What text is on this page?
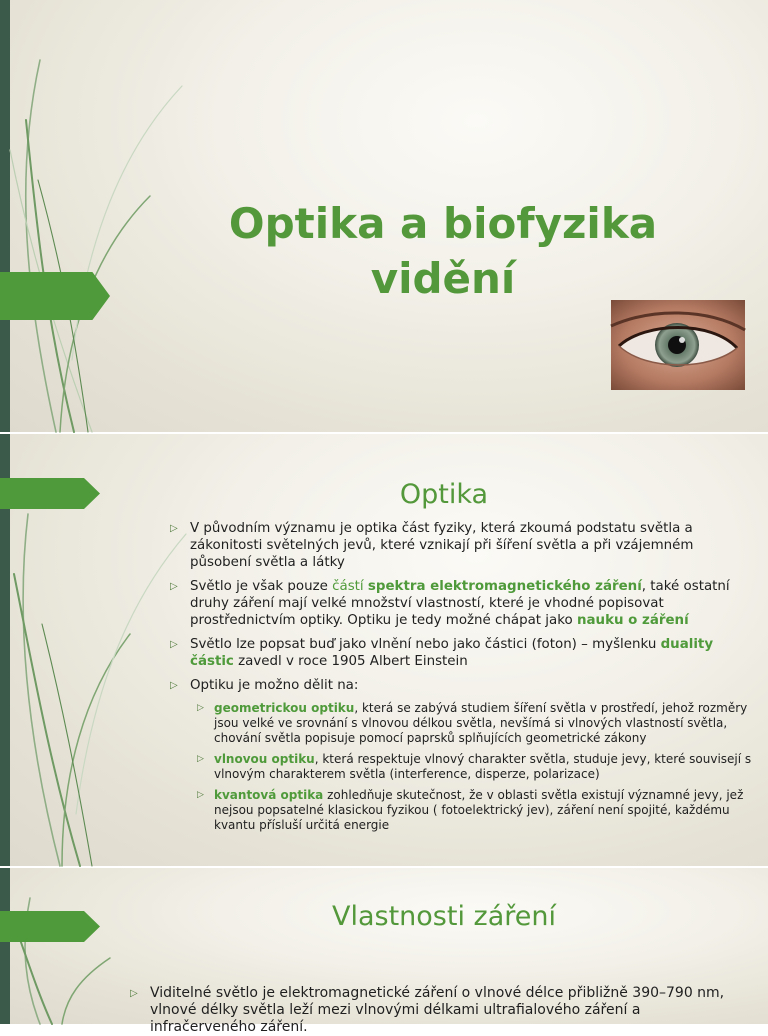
Optika a biofyzika vidění
Optika
▷ V původním významu je optika část fyziky, která zkoumá podstatu světla a zákonitosti světelných jevů, které vznikají při šíření světla a při vzájemném působení světla a látky
▷ Světlo je však pouze částí spektra elektromagnetického záření, také ostatní druhy záření mají velké množství vlastností, které je vhodné popisovat prostřednictvím optiky. Optiku je tedy možné chápat jako nauku o záření
▷ Světlo lze popsat buď jako vlnění nebo jako částici (foton) – myšlenku duality částic zavedl v roce 1905 Albert Einstein
▷ Optiku je možno dělit na:
▷ geometrickou optiku, která se zabývá studiem šíření světla v prostředí, jehož rozměry jsou velké ve srovnání s vlnovou délkou světla, nevšímá si vlnových vlastností světla, chování světla popisuje pomocí paprsků splňujících geometrické zákony
▷ vlnovou optiku, která respektuje vlnový charakter světla, studuje jevy, které souvisejí s vlnovým charakterem světla (interference, disperze, polarizace)
▷ kvantová optika zohledňuje skutečnost, že v oblasti světla existují významné jevy, jež nejsou popsatelné klasickou fyzikou ( fotoelektrický jev), záření není spojité, každému kvantu přísluší určitá energie
Vlastnosti záření
▷ Viditelné světlo je elektromagnetické záření o vlnové délce přibližně 390–790 nm, vlnové délky světla leží mezi vlnovými délkami ultrafialového záření a infračerveného záření.
